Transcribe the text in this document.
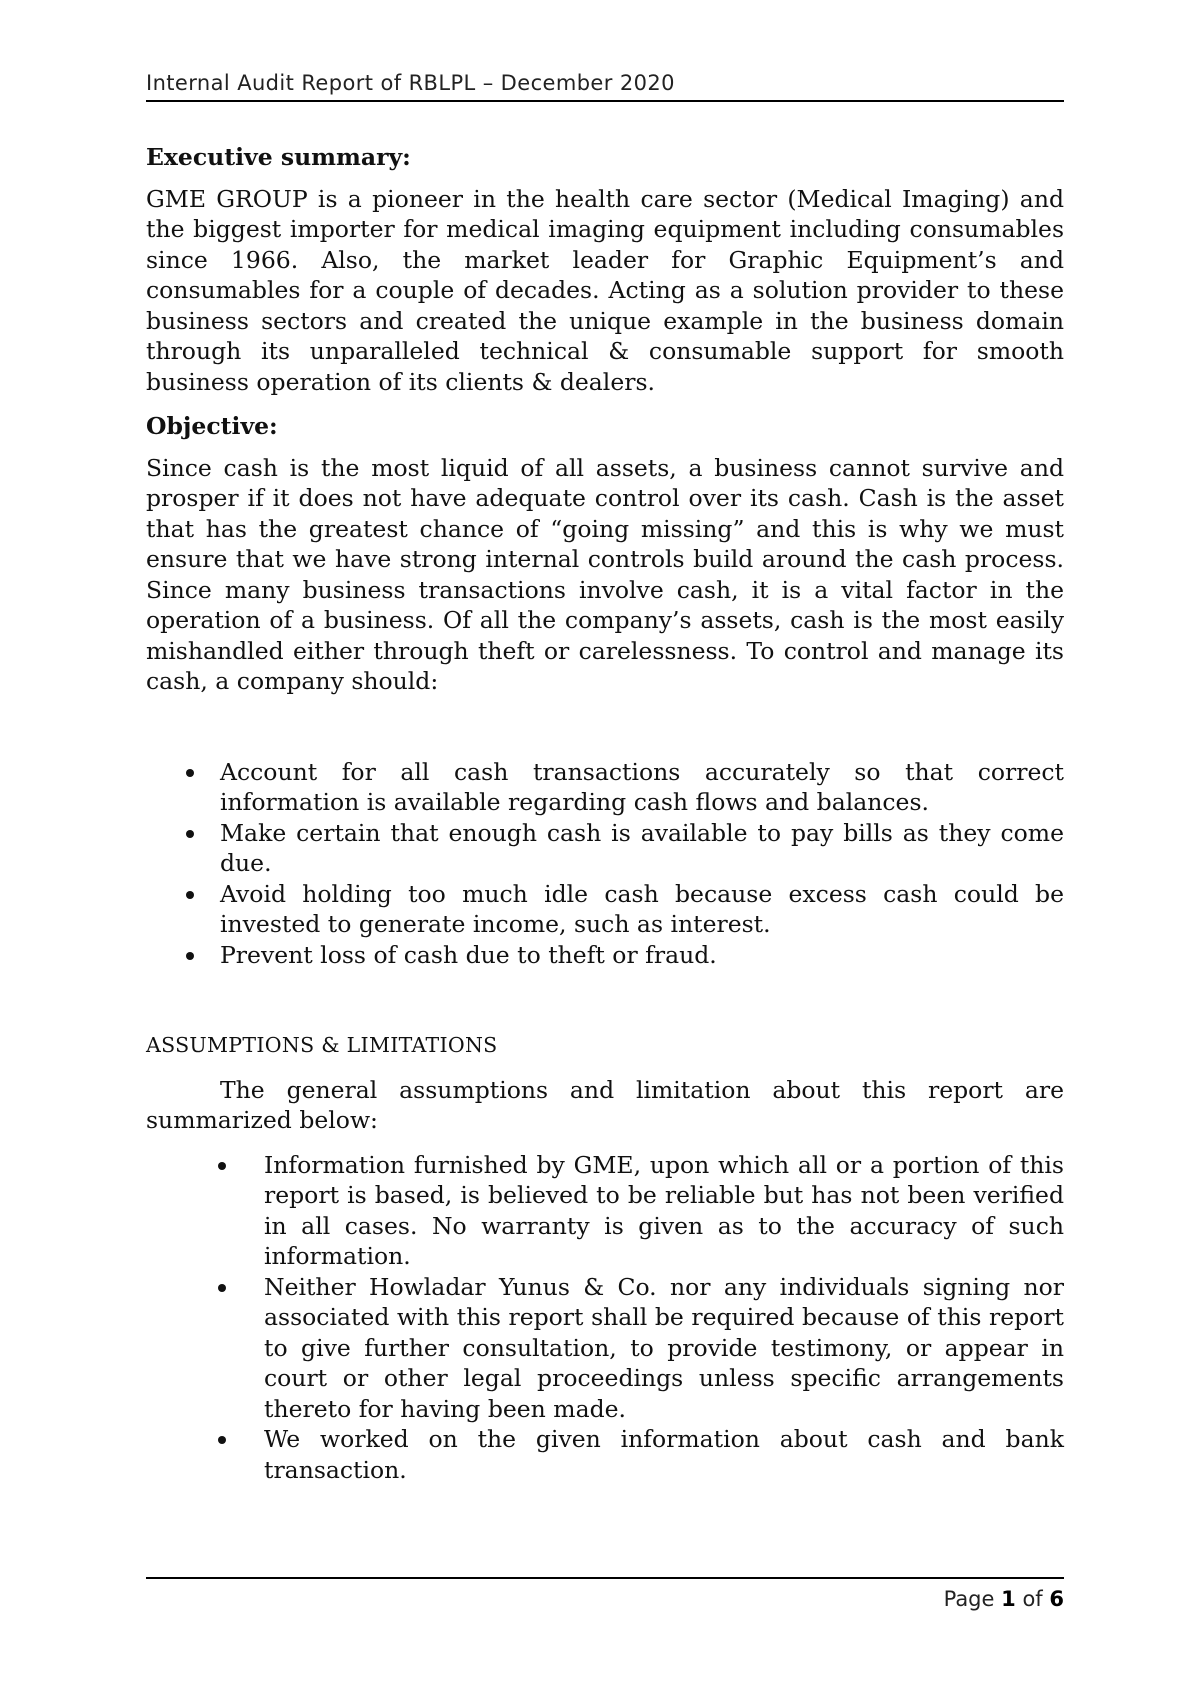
Internal Audit Report of RBLPL – December 2020

Executive summary:

GME GROUP is a pioneer in the health care sector (Medical Imaging) and the biggest importer for medical imaging equipment including consumables since 1966. Also, the market leader for Graphic Equipment’s and consumables for a couple of decades. Acting as a solution provider to these business sectors and created the unique example in the business domain through its unparalleled technical & consumable support for smooth business operation of its clients & dealers.

Objective:

Since cash is the most liquid of all assets, a business cannot survive and prosper if it does not have adequate control over its cash. Cash is the asset that has the greatest chance of “going missing” and this is why we must ensure that we have strong internal controls build around the cash process. Since many business transactions involve cash, it is a vital factor in the operation of a business. Of all the company’s assets, cash is the most easily mishandled either through theft or carelessness. To control and manage its cash, a company should:

Account for all cash transactions accurately so that correct information is available regarding cash flows and balances.
Make certain that enough cash is available to pay bills as they come due.
Avoid holding too much idle cash because excess cash could be invested to generate income, such as interest.
Prevent loss of cash due to theft or fraud.

ASSUMPTIONS & LIMITATIONS

The general assumptions and limitation about this report are summarized below:

Information furnished by GME, upon which all or a portion of this report is based, is believed to be reliable but has not been verified in all cases. No warranty is given as to the accuracy of such information.
Neither Howladar Yunus & Co. nor any individuals signing nor associated with this report shall be required because of this report to give further consultation, to provide testimony, or appear in court or other legal proceedings unless specific arrangements thereto for having been made.
We worked on the given information about cash and bank transaction.
Page 1 of 6
